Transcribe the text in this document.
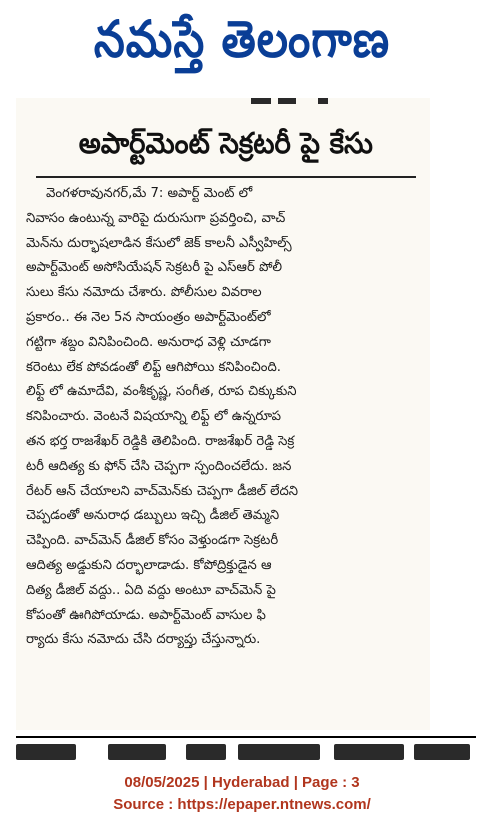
నమస్తే తెలంగాణ
అపార్ట్‌మెంట్ సెక్రటరీ పై కేసు
వెంగళరావునగర్,మే 7: అపార్ట్ మెంట్ లో
నివాసం ఉంటున్న వారిపై దురుసుగా ప్రవర్తించి, వాచ్
మెన్‌ను దుర్భాషలాడిన కేసులో జెక్ కాలనీ ఎస్వీహిల్స్
అపార్ట్‌మెంట్ అసోసియేషన్ సెక్రటరీ పై ఎస్ఆర్ పోలీ
సులు కేసు నమోదు చేశారు. పోలీసుల వివరాల
ప్రకారం.. ఈ నెల 5న సాయంత్రం అపార్ట్‌మెంట్‌లో
గట్టిగా శబ్దం వినిపించింది. అనురాధ వెళ్లి చూడగా
కరెంటు లేక పోవడంతో లిఫ్ట్ ఆగిపోయి కనిపించింది.
లిఫ్ట్ లో ఉమాదేవి, వంశీకృష్ణ, సంగీత, రూప చిక్కుకుని
కనిపించారు. వెంటనే విషయాన్ని లిఫ్ట్ లో ఉన్నరూప
తన భర్త రాజశేఖర్ రెడ్డికి తెలిపింది. రాజశేఖర్ రెడ్డి సెక్ర
టరీ ఆదిత్య కు ఫోన్ చేసి చెప్పగా స్పందించలేదు. జన
రేటర్ ఆన్ చేయాలని వాచ్‌మెన్‌కు చెప్పగా డీజిల్ లేదని
చెప్పడంతో అనురాధ డబ్బులు ఇచ్చి డీజిల్ తెమ్మని
చెప్పింది. వాచ్‌మెన్ డీజిల్ కోసం వెళ్తుండగా సెక్రటరీ
ఆదిత్య అడ్డుకుని దర్భాలాడాడు. కోపోద్రిక్తుడైన ఆ
దిత్య డీజిల్ వద్దు.. ఏది వద్దు అంటూ వాచ్‌మెన్ పై
కోపంతో ఊగిపోయాడు. అపార్ట్‌మెంట్ వాసుల ఫి
ర్యాదు కేసు నమోదు చేసి దర్యాప్తు చేస్తున్నారు.
08/05/2025 | Hyderabad | Page : 3
Source : https://epaper.ntnews.com/
